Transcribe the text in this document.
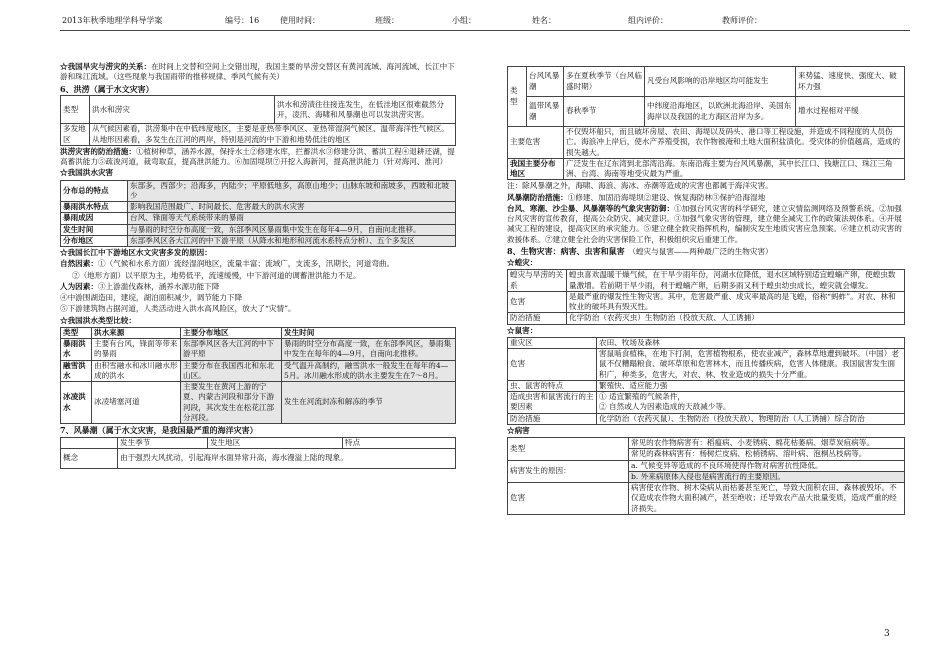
2013年秋季地理学科导学案	编号：16	使用时间：	班级：	小组：	姓名：	组内评价：	教师评价：

☆我国旱灾与涝灾的关系：在时间上交替和空间上交错出现，我国主要的旱涝交替区有黄河流域、海河流域、长江中下游和珠江流域。（这些现象与我国雨带的推移规律、季风气候有关）

6、洪涝（属于水文灾害）

类型	洪水和涝灾	洪水和涝渍往往接连发生，在低洼地区很难截然分开，凌汛、海啸和风暴潮也可以发洪涝灾害。
多发地区	从气候因素看，洪涝集中在中低纬度地区，主要是亚热带季风区、亚热带湿润气候区、温带海洋性气候区。从地形因素看，多发生在江河的两岸，特别是河流的中下游和地势低洼的地区	

洪涝灾害的防治措施：①植树种草，涵养水源，保持水土②修建水库，拦蓄洪水③修建分洪、蓄洪工程④退耕还湖，提高蓄洪能力⑤疏浚河道，裁弯取直，提高泄洪能力。⑥加固堤坝⑦开挖入海新河，提高泄洪能力（针对海河、淮河）

☆我国洪水灾害

分布总的特点	东部多，西部少；沿海多，内陆少；平原低地多，高原山地少；山脉东坡和南坡多，西坡和北坡少
暴雨洪水特点	影响我国范围最广、时间最长、危害最大的洪水灾害
暴雨成因	台风、锋面等天气系统带来的暴雨
发生时间	与暴雨的时空分布高度一致，东部季风区暴雨集中发生在每年4—9月，自南向北推移。
分布地区	东部季风区各大江河的中下游平原（从降水和地形和河流水系特点分析）、五个多发区

☆我国长江中下游地区水文灾害多发的原因：

自然因素：①（气候和水系方面）流经湿润地区，流量丰富；流域广，支流多，汛期长，河道弯曲。

②（地形方面）以平原为主，地势低平，流速缓慢，中下游河道的调蓄泄洪能力不足。

人为因素：③上游滥伐森林，涵养水源功能下降

④中游围湖造田，建垸，湖泊面积减少，调节能力下降

⑤下游建筑物占据河道，人类活动进入洪水高风险区，放大了“灾情”。

☆我国洪水类型比较：

类型	洪水来源	主要分布地区	发生时间
暴雨洪水	主要有台风，锋面等带来的暴雨	东部季风区各大江河的中下游平原	暴雨的时空分布高度一致，在东部季风区，暴雨集中发生在每年的4—9月，自南向北推移。
融雪洪水	由积雪融水和冰川融水形成的洪水	主要分布在我国西北和东北山区。	受气温升高制约，融雪洪水一般发生在每年的4—5月。冰川融水形成的洪水主要发生在7～8月。
冰凌洪水	冰凌堵塞河道	主要发生在黄河上游的宁夏、内蒙古河段和部分下游河段，其次发生在松花江部分河段。	发生在河流封冻和解冻的季节

7、风暴潮（属于水文灾害，是我国最严重的海洋灾害）

	发生季节	发生地区	特点
概念	由于强烈大风扰动，引起海岸水面异常升高，海水漫溢上陆的现象。		
类型	台风风暴潮	多在夏秋季节（台风临盛时期）	凡受台风影响的沿岸地区均可能发生	来势猛、速度快、强度大、破坏力强
	温带风暴潮	春秋季节	中纬度沿海地区，以欧洲北海沿岸、美国东海岸以及我国的北方海区沿岸为多。	增水过程相对平缓
主要危害		不仅毁坏船只，而且破坏房屋、农田、海堤以及码头、港口等工程设施，并造成不同程度的人员伤亡。海浪冲上岸后，使水产养殖受损，农作物被淹和土地大面积盐渍化。受灾体的价值越高，造成的损失越大。		
我国主要分布地区		广泛发生在辽东湾到北部湾沿海。东南沿海主要为台风风暴潮，其中长江口、钱塘江口、珠江三角洲、台湾、海南等地受灾最为严重。		

注：除风暴潮之外，海啸、海浪、海冰、赤潮等造成的灾害也都属于海洋灾害。

风暴潮防治措施：①修建、加固沿海堤坝②建设、恢复海防林③保护沿海湿地

台风、寒潮、沙尘暴、风暴潮等的气象灾害防御：①加强台风灾害的科学研究，建立灾情监测网络及预警系统。②加强台风灾害的宣传教育，提高公众防灾、减灾意识。③加强气象灾害的管理，建立健全减灾工作的政策法规体系。④开展减灾工程的建设，提高灾区的承灾能力。⑤建立健全救灾指挥机构，编制灾发生地质灾害应急预案。⑥建立机动灾害的救援体系。⑦建立健全社会的灾害保险工作，积极组织灾后重建工作。

8、生物灾害：病害、虫害和鼠害　 （蝗灾与鼠害——两种最广泛的生物灾害）

☆蝗灾：

蝗灾与旱涝的关系	蝗虫喜欢温暖干燥气候，在干旱少雨年份，河湖水位降低，退水区域特别适宜蝗蝻产卵，使蝗虫数量激增。若前期干旱少雨，利于蝗蝻产卵，后期多雨又利于蝗虫幼虫成长，蝗灾就会爆发。
危害	是最严重的爆发性生物灾害。其中，危害最严重、成灾率最高的是飞蝗，俗称“蚂蚱”。对农、林和牧业的破坏具有毁灭性。
防治措施	化学防治（农药灭虫）生物防治（投放天敌、人工诱捕）

☆鼠害：

重灾区	农田、牧场及森林
危害	害鼠啮食植株，在地下打洞，危害植物根系，使农业减产，森林草地遭到破坏。（中国）老鼠不仅糟蹋粮食、破坏草原和危害林木，而且传播疾病，危害人体健康。我国鼠害发生面积广，种类多，危害大，对农、林、牧业造成的损失十分严重。
虫、鼠害的特点	繁殖快、适应能力强
造成虫害和鼠害流行的主要因素	① 适宜繁殖的气候条件，
② 自然或人为因素造成的天敌减少等。
防治措施	化学防治（农药灭鼠）、生物防治（投放天敌）、物理防治（人工诱捕）综合防治

☆病害

类型	常见的农作物病害有：稻瘟病、小麦锈病、棉花枯萎病、烟草炭疽病等。
	常见的森林病害有：杨树烂皮病、松梢锈病、溶叶病、泡桐丛枝病等。
病害发生的原因：	a. 气候变异等造成的不良环境使得作物对病害抗性降低。
	b. 外来病原体入侵也是病害流行的主要原因。
危害	病害使农作物、树木染病从而枯萎甚至死亡，导致大面积农田、森林被毁坏。不仅造成农作物大面积减产，甚至绝收；还导致农产品大批量变质，造成严重的经济损失。
3
